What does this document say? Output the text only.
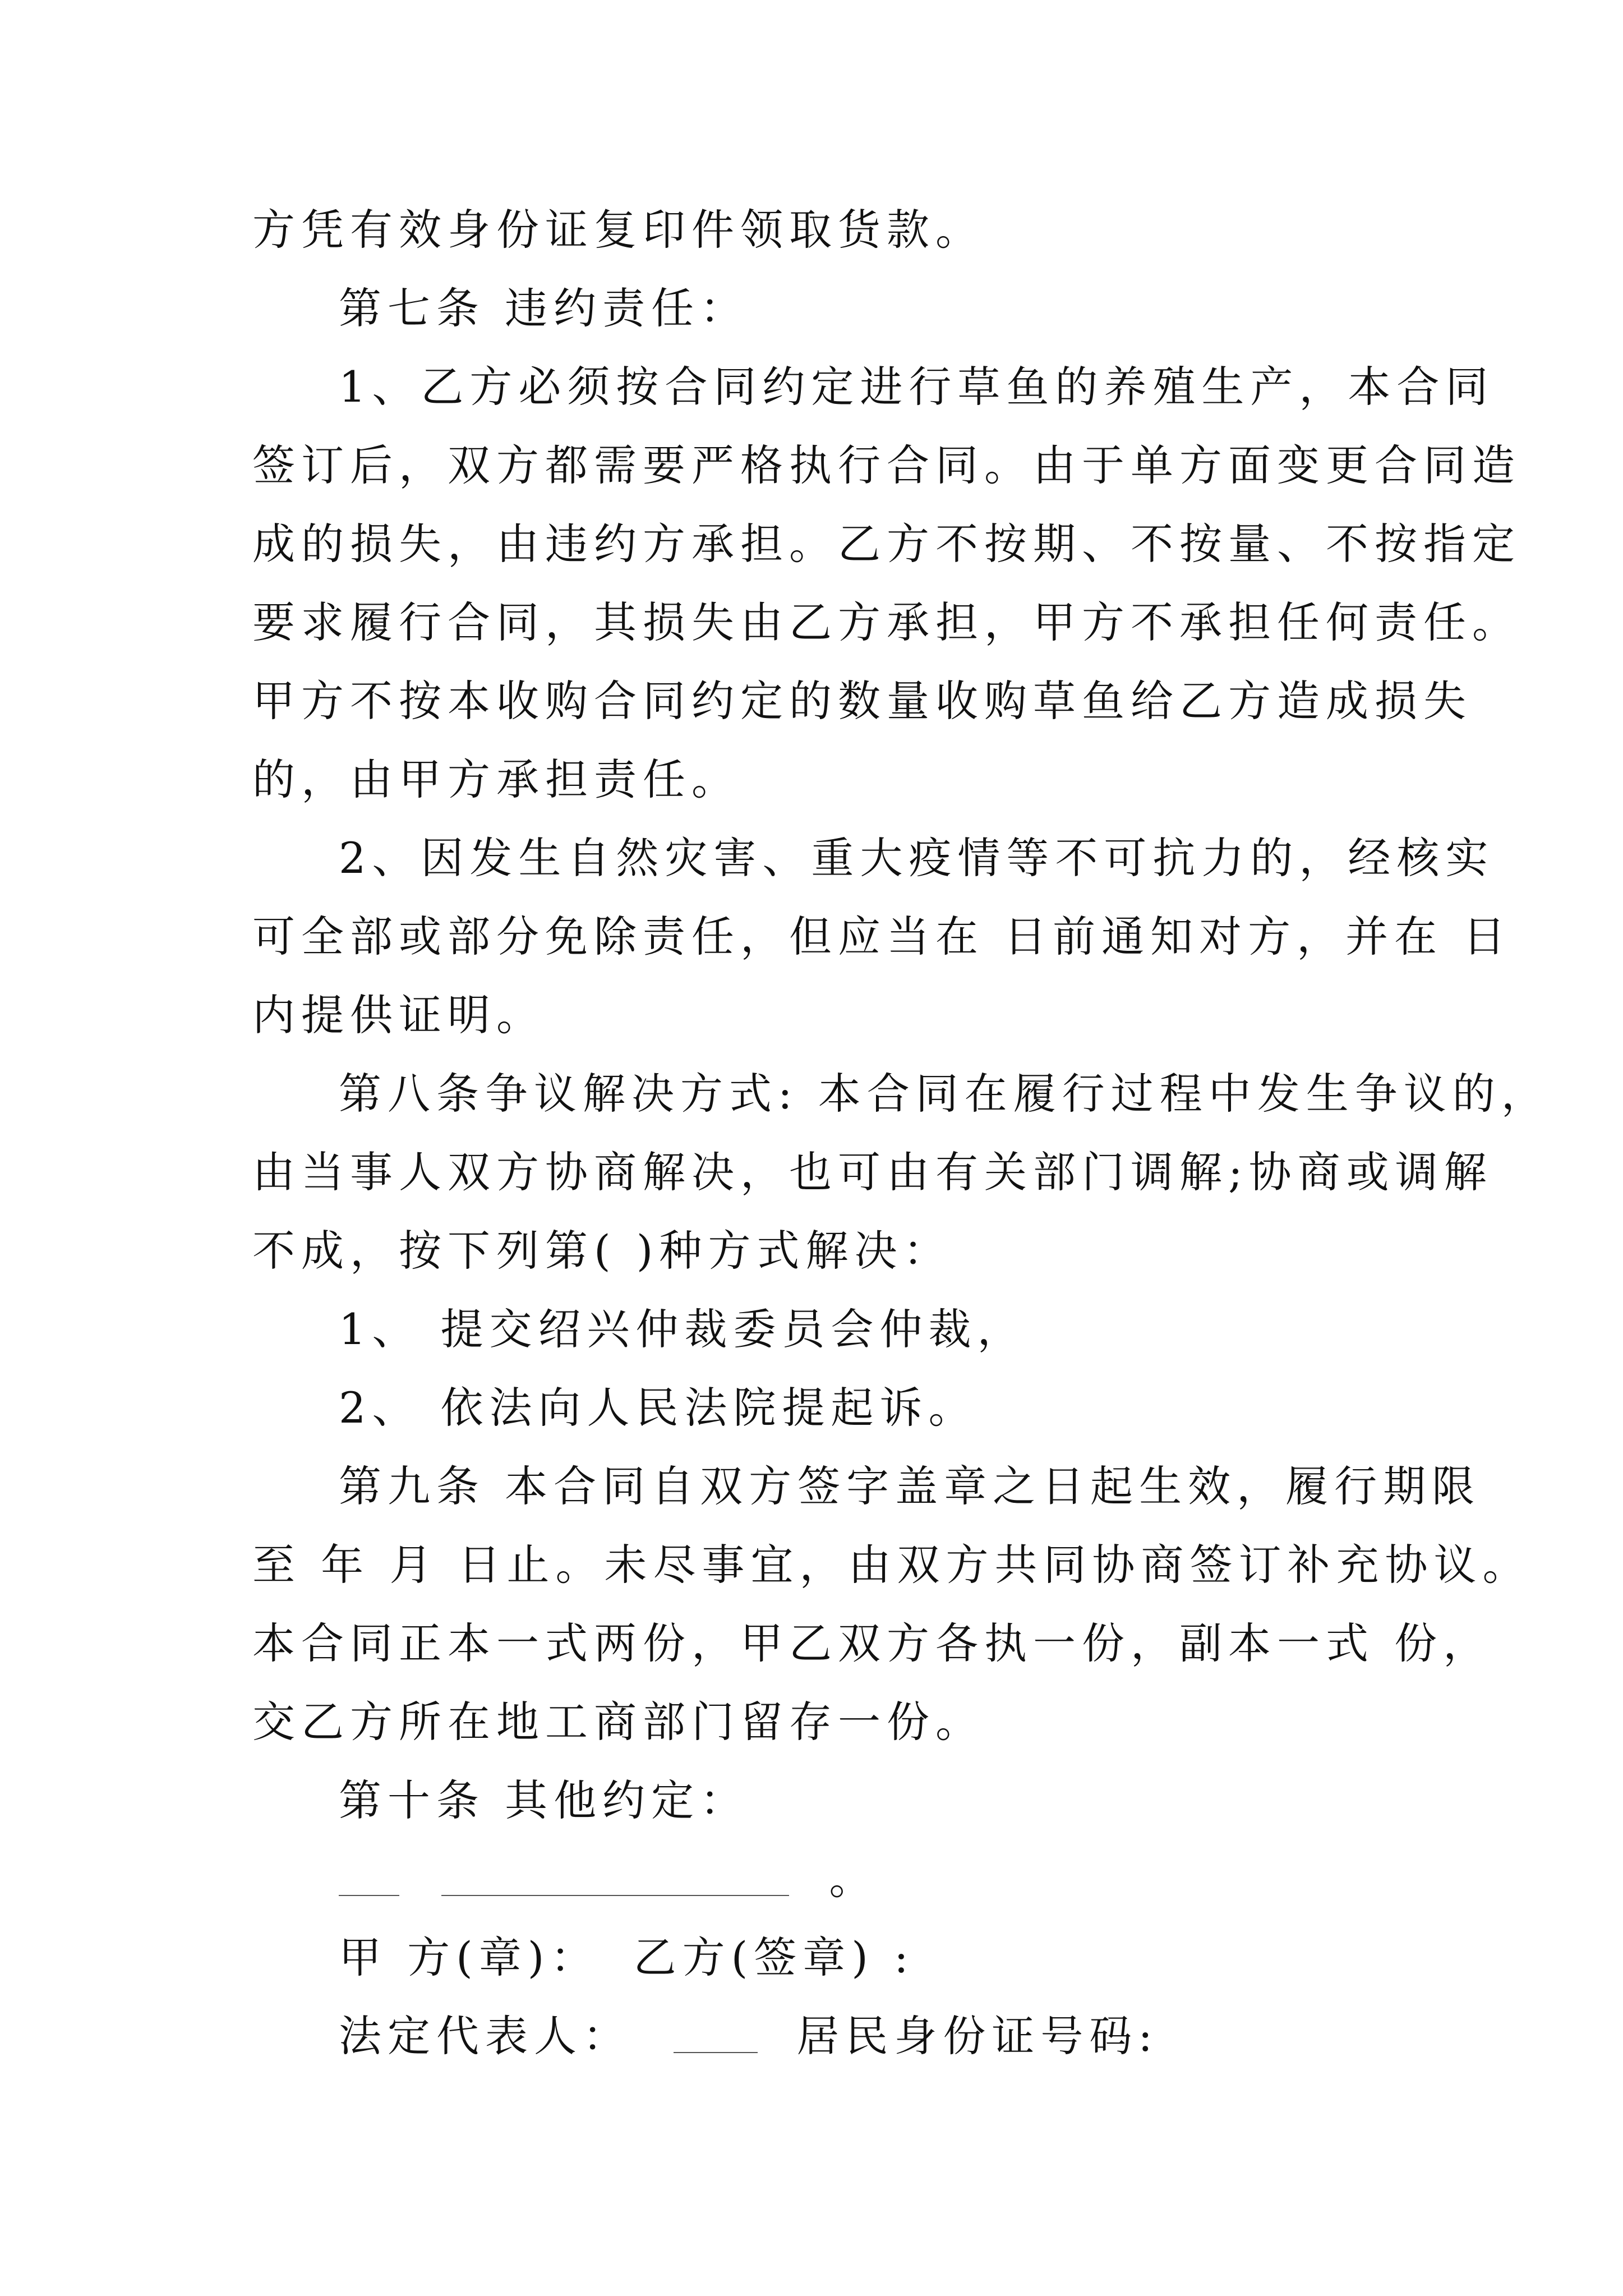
方凭有效身份证复印件领取货款。
第七条 违约责任：
1、乙方必须按合同约定进行草鱼的养殖生产，本合同
签订后，双方都需要严格执行合同。由于单方面变更合同造
成的损失，由违约方承担。乙方不按期、不按量、不按指定
要求履行合同，其损失由乙方承担，甲方不承担任何责任。
甲方不按本收购合同约定的数量收购草鱼给乙方造成损失
的，由甲方承担责任。
2、因发生自然灾害、重大疫情等不可抗力的，经核实
可全部或部分免除责任，但应当在 日前通知对方，并在 日
内提供证明。
第八条争议解决方式: 本合同在履行过程中发生争议的，
由当事人双方协商解决，也可由有关部门调解;协商或调解
不成，按下列第( )种方式解决：
1、 提交绍兴仲裁委员会仲裁，
2、 依法向人民法院提起诉。
第九条 本合同自双方签字盖章之日起生效，履行期限
至 年 月 日止。未尽事宜，由双方共同协商签订补充协议。
本合同正本一式两份，甲乙双方各执一份，副本一式 份，
交乙方所在地工商部门留存一份。
第十条 其他约定：
。
甲 方(章)： 乙方(签章) :
法定代表人：	居民身份证号码:
